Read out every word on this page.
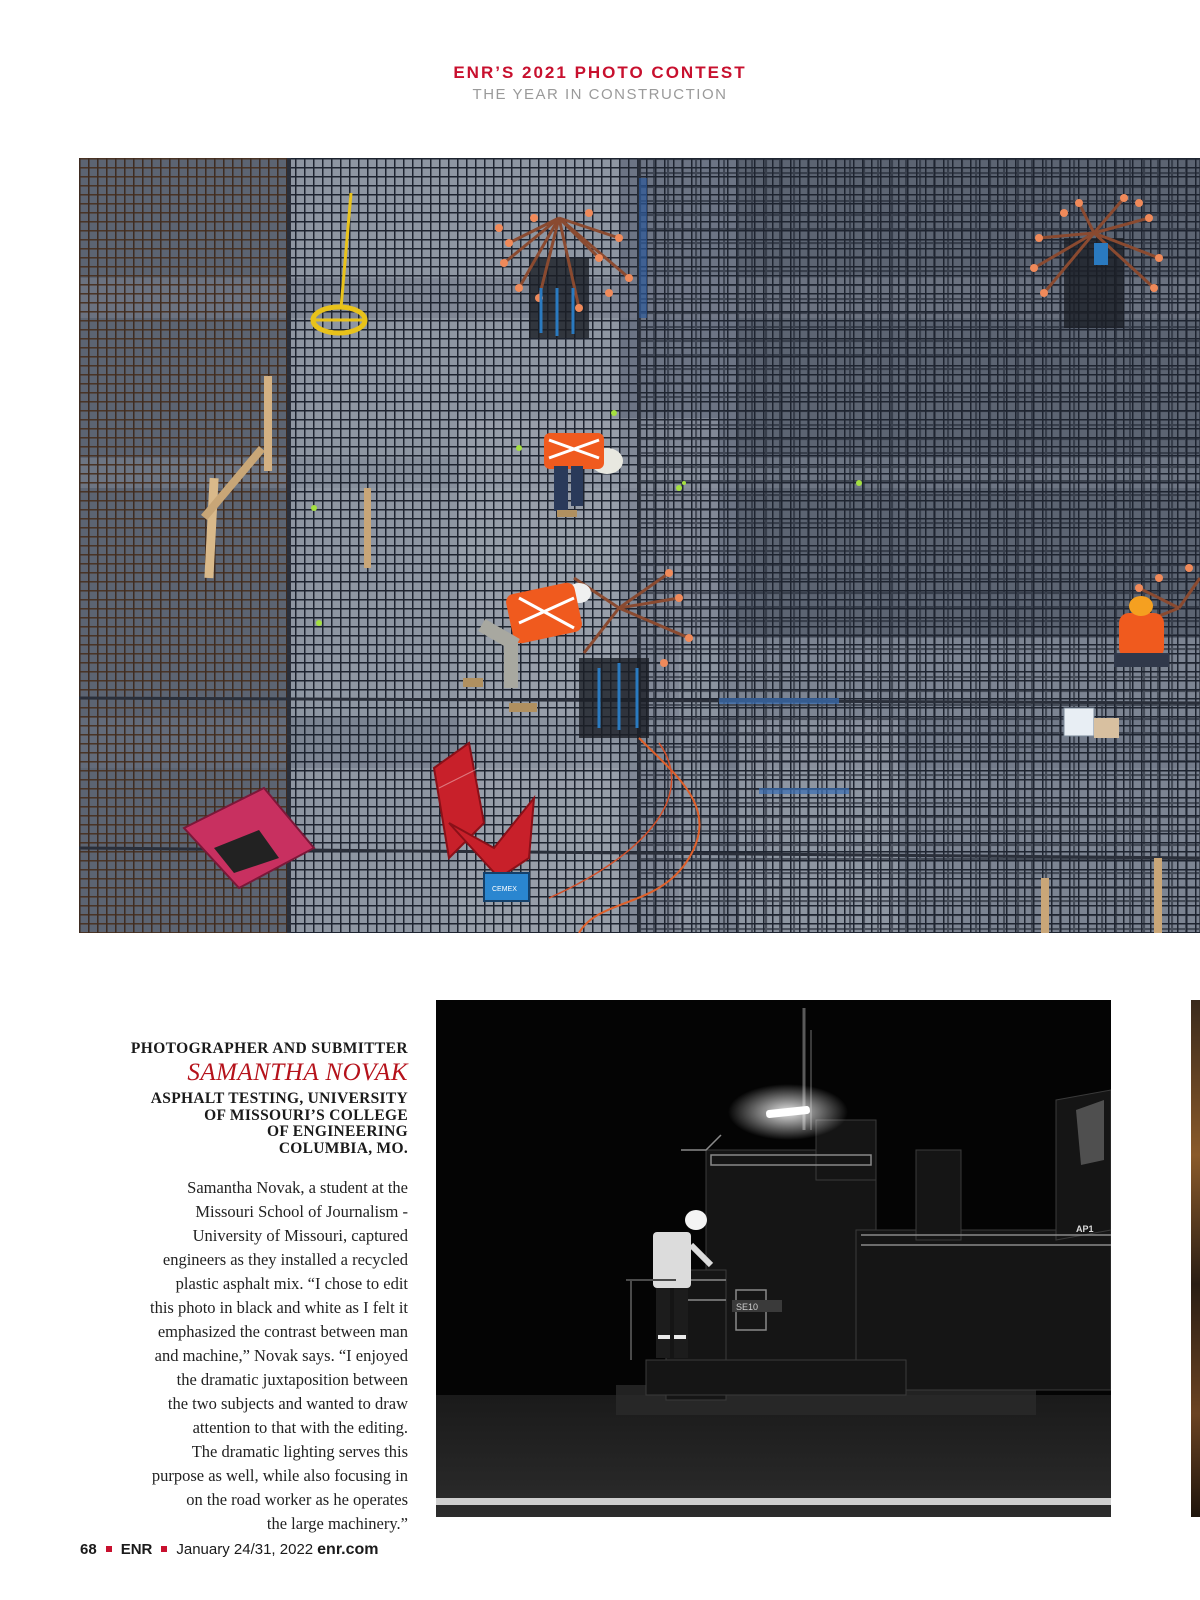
ENR’S 2021 PHOTO CONTEST
THE YEAR IN CONSTRUCTION
CEMEX
PHOTOGRAPHER AND SUBMITTER
SAMANTHA NOVAK
ASPHALT TESTING, UNIVERSITY
OF MISSOURI’S COLLEGE
OF ENGINEERING
COLUMBIA, MO.
Samantha Novak, a student at the
Missouri School of Journalism -
University of Missouri, captured
engineers as they installed a recycled
plastic asphalt mix. “I chose to edit
this photo in black and white as I felt it
emphasized the contrast between man
and machine,” Novak says. “I enjoyed
the dramatic juxtaposition between
the two subjects and wanted to draw
attention to that with the editing.
The dramatic lighting serves this
purpose as well, while also focusing in
on the road worker as he operates
the large machinery.”
SE10
AP1
68 ENR January 24/31, 2022 enr.com
